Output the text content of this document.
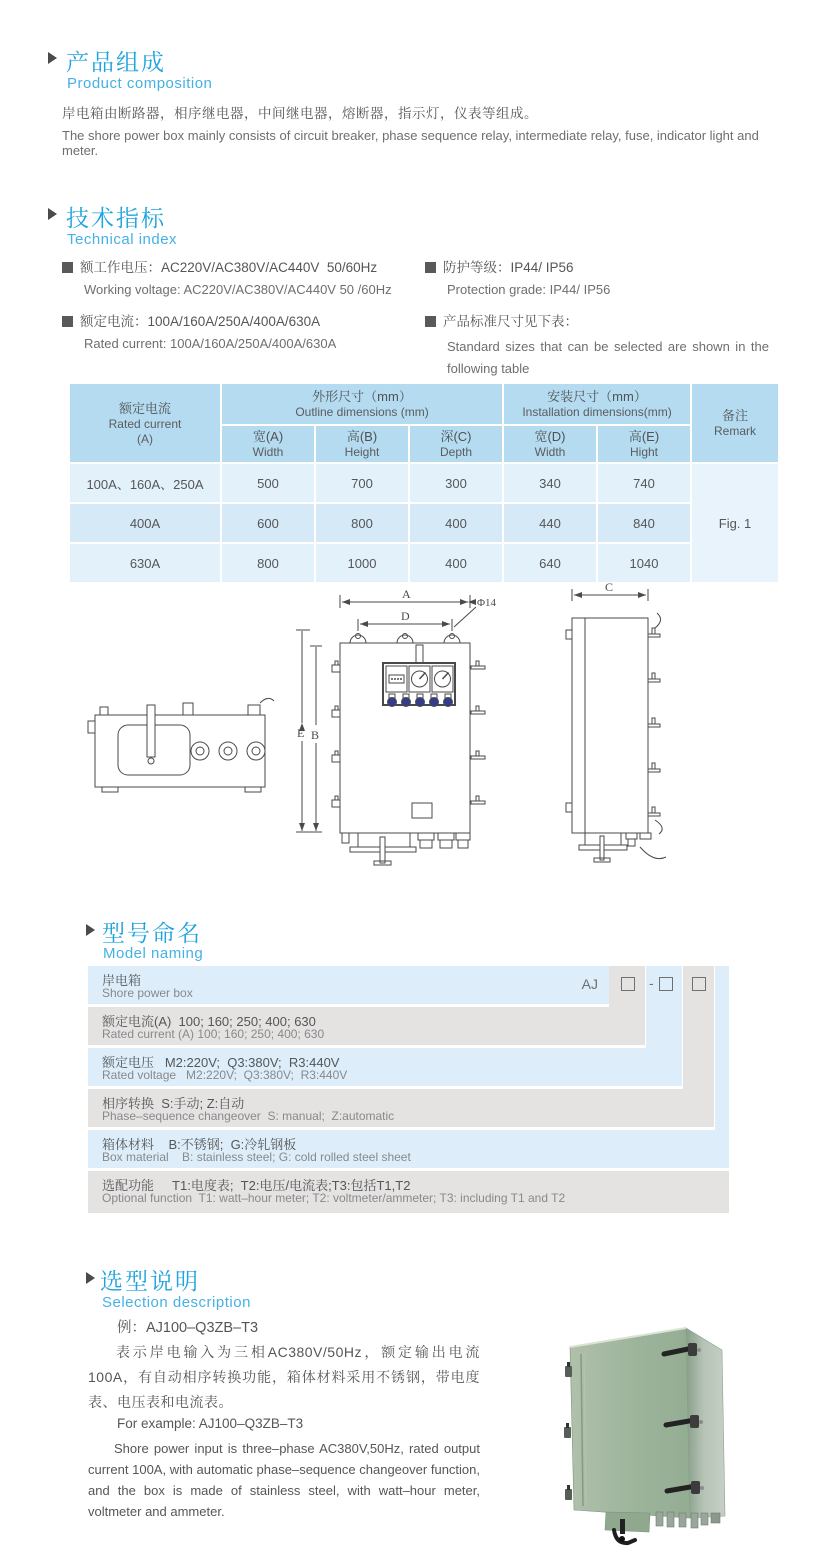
产品组成
Product composition
岸电箱由断路器，相序继电器，中间继电器，熔断器，指示灯，仪表等组成。
The shore power box mainly consists of circuit breaker, phase sequence relay, intermediate relay, fuse, indicator light and meter.
技术指标
Technical index
额工作电压：AC220V/AC380V/AC440V  50/60Hz
Working voltage: AC220V/AC380V/AC440V 50 /60Hz
额定电流：100A/160A/250A/400A/630A
Rated current: 100A/160A/250A/400A/630A
防护等级：IP44/ IP56
Protection grade: IP44/ IP56
产品标准尺寸见下表：
Standard sizes that can be selected are shown in the following table
额定电流
Rated current
(A)	外形尺寸（mm）
Outline dimensions (mm)			安装尺寸（mm）
Installation dimensions(mm)		备注
Remark

	宽(A)
Width	高(B)
Height	深(C)
Depth	宽(D)
Width	高(E)
Hight	

100A、160A、250A	500	700	300	340	740	Fig. 1
400A	600	800	400	440	840	
630A	800	1000	400	640	1040	
A
D
Φ14
E B
C
型号命名
Model naming
岸电箱
Shore power box
额定电流(A)  100; 160; 250; 400; 630
Rated current (A) 100; 160; 250; 400; 630
额定电压   M2:220V;  Q3:380V;  R3:440V
Rated voltage   M2:220V;  Q3:380V;  R3:440V
相序转换  S:手动; Z:自动
Phase–sequence changeover  S: manual;  Z:automatic
箱体材料    B:不锈钢;  G:冷轧钢板
Box material    B: stainless steel; G: cold rolled steel sheet
选配功能     T1:电度表;  T2:电压/电流表;T3:包括T1,T2
Optional function  T1: watt–hour meter; T2: voltmeter/ammeter; T3: including T1 and T2
AJ	-
选型说明
Selection description
例：AJ100–Q3ZB–T3
表示岸电输入为三相AC380V/50Hz，额定输出电流100A，有自动相序转换功能，箱体材料采用不锈钢，带电度表、电压表和电流表。
For example: AJ100–Q3ZB–T3
Shore power input is three–phase AC380V,50Hz, rated output current 100A, with automatic phase–sequence changeover function, and the box is made of stainless steel, with watt–hour meter, voltmeter and ammeter.
